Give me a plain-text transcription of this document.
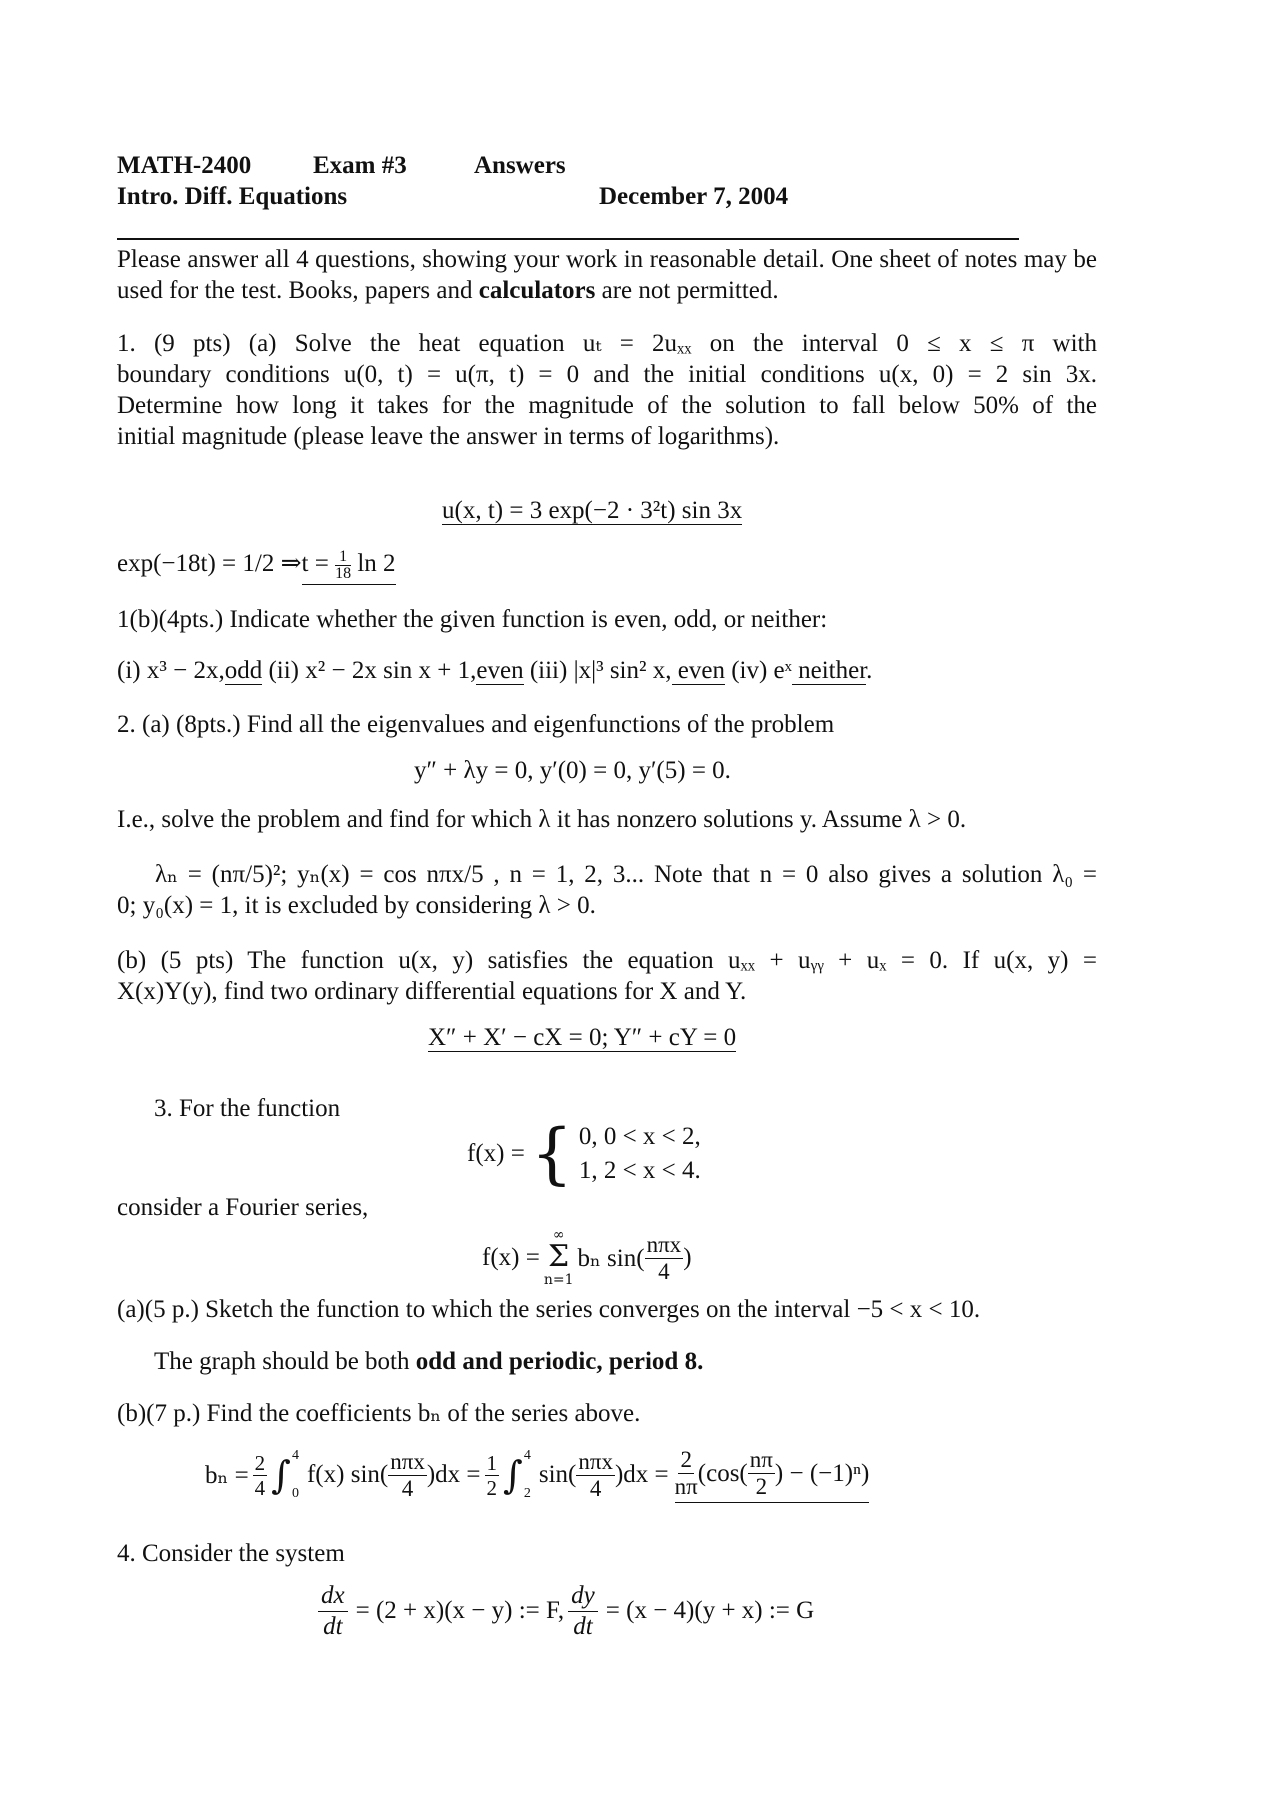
MATH-2400 Exam #3	Answers
Intro. Diff. Equations	December 7, 2004
Please answer all 4 questions, showing your work in reasonable detail. One sheet of notes may be used for the test. Books, papers and calculators are not permitted.
1. (9 pts) (a) Solve the heat equation uₜ = 2uₓₓ on the interval 0 ≤ x ≤ π with
boundary conditions u(0, t) = u(π, t) = 0 and the initial conditions u(x, 0) = 2 sin 3x.
Determine how long it takes for the magnitude of the solution to fall below 50% of the
initial magnitude (please leave the answer in terms of logarithms).
u(x, t) = 3 exp(−2 · 3²t) sin 3x
exp(−18t) = 1/2 ⇒t = $\frac{1}{18}$ ln 2
1(b)(4pts.) Indicate whether the given function is even, odd, or neither:
(i) x³ − 2x,odd (ii) x² − 2x sin x + 1,even (iii) |x|³ sin² x, even (iv) eˣ neither.
2. (a) (8pts.) Find all the eigenvalues and eigenfunctions of the problem
y″ + λy = 0, y′(0) = 0, y′(5) = 0.
I.e., solve the problem and find for which λ it has nonzero solutions y. Assume λ > 0.
λₙ = (nπ/5)²; yₙ(x) = cos nπx/5 , n = 1, 2, 3... Note that n = 0 also gives a solution λ₀ =
0; y₀(x) = 1, it is excluded by considering λ > 0.
(b) (5 pts) The function u(x, y) satisfies the equation uₓₓ + uᵧᵧ + uₓ = 0. If u(x, y) =
X(x)Y(y), find two ordinary differential equations for X and Y.
X″ + X′ − cX = 0; Y″ + cY = 0
3. For the function
f(x) = { 0, 0 < x < 2,
1, 2 < x < 4.
consider a Fourier series,
f(x) =
∞
Σ
n=1
bₙ sin(
nπx
4 )
(a)(5 p.) Sketch the function to which the series converges on the interval −5 < x < 10.
The graph should be both odd and periodic, period 8.
(b)(7 p.) Find the coefficients bₙ of the series above.
$b_n = \frac{2}{4}$ ∫ 4
0
f(x) sin( nπx
4 )$dx = \frac{1}{2}$ ∫ 4
2
sin( nπx
4 )dx =
2
nπ (cos( nπ
2 ) − (−1)ⁿ)
4. Consider the system
$\frac{dx}{dt} = (2 + x)(x - y)$ := F, $\frac{dy}{dt} = (x - 4)(y + x)$ := G
